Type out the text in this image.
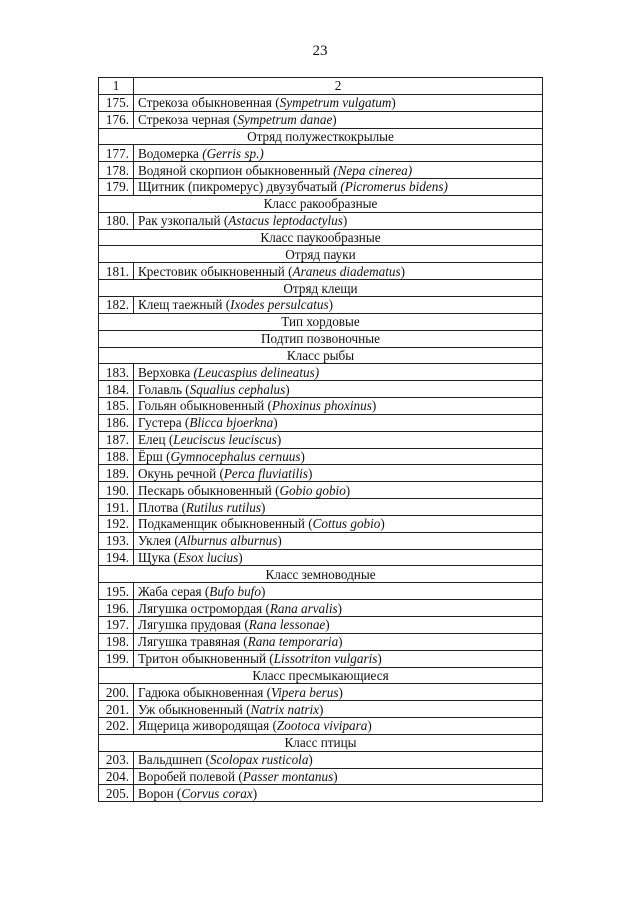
23
1	2
175.	Стрекоза обыкновенная (Sympetrum vulgatum)
176.	Стрекоза черная (Sympetrum danae)
Отряд полужесткокрылые	
177.	Водомерка (Gerris sp.)
178.	Водяной скорпион обыкновенный (Nepa cinerea)
179.	Щитник (пикромерус) двузубчатый (Picromerus bidens)
Класс ракообразные	
180.	Рак узкопалый (Astacus leptodactylus)
Класс паукообразные	
Отряд пауки	
181.	Крестовик обыкновенный (Araneus diadematus)
Отряд клещи	
182.	Клещ таежный (Ixodes persulcatus)
Тип хордовые	
Подтип позвоночные	
Класс рыбы	
183.	Верховка (Leucaspius delineatus)
184.	Голавль (Squalius cephalus)
185.	Гольян обыкновенный (Phoxinus phoxinus)
186.	Густера (Blicca bjoerkna)
187.	Елец (Leuciscus leuciscus)
188.	Ёрш (Gymnocephalus cernuus)
189.	Окунь речной (Perca fluviatilis)
190.	Пескарь обыкновенный (Gobio gobio)
191.	Плотва (Rutilus rutilus)
192.	Подкаменщик обыкновенный (Cottus gobio)
193.	Уклея (Alburnus alburnus)
194.	Щука (Esox lucius)
Класс земноводные	
195.	Жаба серая (Bufo bufo)
196.	Лягушка остромордая (Rana arvalis)
197.	Лягушка прудовая (Rana lessonae)
198.	Лягушка травяная (Rana temporaria)
199.	Тритон обыкновенный (Lissotriton vulgaris)
Класс пресмыкающиеся	
200.	Гадюка обыкновенная (Vipera berus)
201.	Уж обыкновенный (Natrix natrix)
202.	Ящерица живородящая (Zootoca vivipara)
Класс птицы	
203.	Вальдшнеп (Scolopax rusticola)
204.	Воробей полевой (Passer montanus)
205.	Ворон (Corvus corax)
